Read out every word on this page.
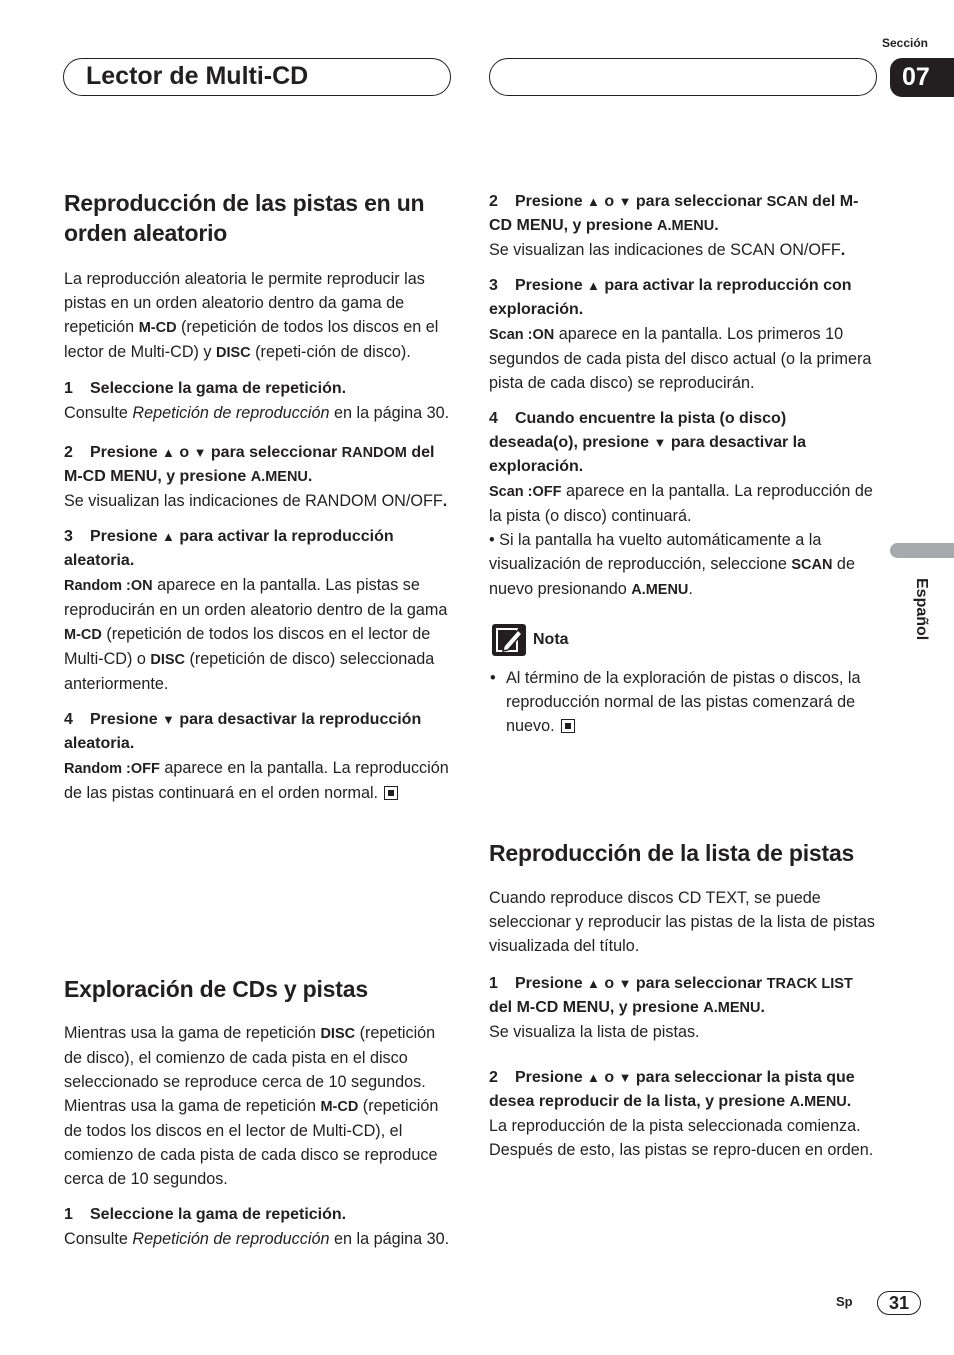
Lector de Multi-CD
Sección
07
Español
Reproducción de las pistas en un orden aleatorio

La reproducción aleatoria le permite reproducir las pistas en un orden aleatorio dentro da gama de repetición M-CD (repetición de todos los discos en el lector de Multi-CD) y DISC (repeti-ción de disco).

1 Seleccione la gama de repetición.

Consulte Repetición de reproducción en la página 30.

2 Presione ▲ o ▼ para seleccionar RANDOM del M-CD MENU, y presione A.MENU.

Se visualizan las indicaciones de RANDOM ON/OFF.

3 Presione ▲ para activar la reproducción aleatoria.

Random :ON aparece en la pantalla. Las pistas se reproducirán en un orden aleatorio dentro de la gama M-CD (repetición de todos los discos en el lector de Multi-CD) o DISC (repetición de disco) seleccionada anteriormente.

4 Presione ▼ para desactivar la reproducción aleatoria.

Random :OFF aparece en la pantalla. La reproducción de las pistas continuará en el orden normal.

Exploración de CDs y pistas

Mientras usa la gama de repetición DISC (repetición de disco), el comienzo de cada pista en el disco seleccionado se reproduce cerca de 10 segundos. Mientras usa la gama de repetición M-CD (repetición de todos los discos en el lector de Multi-CD), el comienzo de cada pista de cada disco se reproduce cerca de 10 segundos.

1 Seleccione la gama de repetición.

Consulte Repetición de reproducción en la página 30.

2 Presione ▲ o ▼ para seleccionar SCAN del M-CD MENU, y presione A.MENU.

Se visualizan las indicaciones de SCAN ON/OFF.

3 Presione ▲ para activar la reproducción con exploración.

Scan :ON aparece en la pantalla. Los primeros 10 segundos de cada pista del disco actual (o la primera pista de cada disco) se reproducirán.

4 Cuando encuentre la pista (o disco) deseada(o), presione ▼ para desactivar la exploración.

Scan :OFF aparece en la pantalla. La reproducción de la pista (o disco) continuará.

• Si la pantalla ha vuelto automáticamente a la visualización de reproducción, seleccione SCAN de nuevo presionando A.MENU.

Nota
• Al término de la exploración de pistas o discos, la reproducción normal de las pistas comenzará de nuevo.
Reproducción de la lista de pistas

Cuando reproduce discos CD TEXT, se puede seleccionar y reproducir las pistas de la lista de pistas visualizada del título.

1 Presione ▲ o ▼ para seleccionar TRACK LIST del M-CD MENU, y presione A.MENU.

Se visualiza la lista de pistas.

2 Presione ▲ o ▼ para seleccionar la pista que desea reproducir de la lista, y presione A.MENU.

La reproducción de la pista seleccionada comienza. Después de esto, las pistas se repro-ducen en orden.

Sp	31
